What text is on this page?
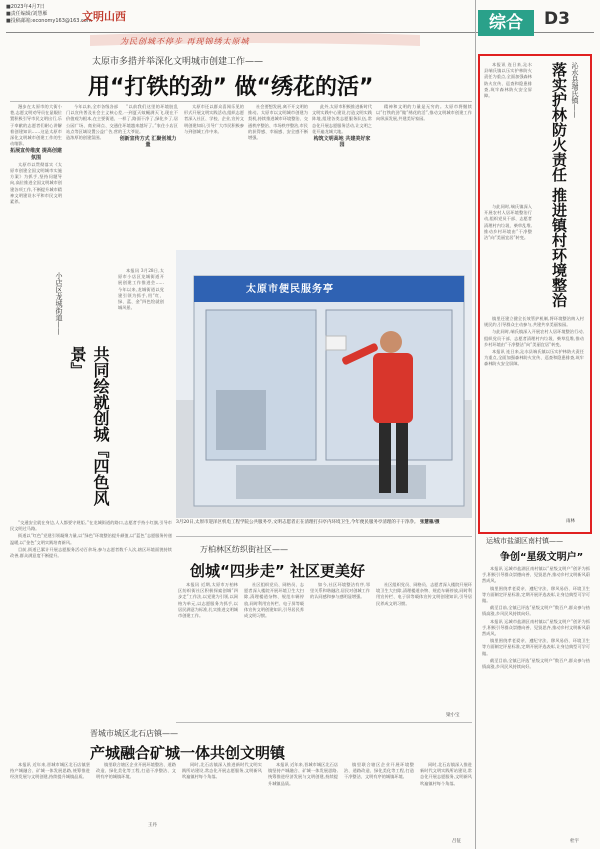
■2023年4月7日
■责任编辑/刘慧雁
■投稿邮箱:economy163@163.com
文明山西
为民创城不停步 再现锦绣太原城
综合	D3
太原市多措并举深化文明城市创建工作——
用“打铁的劲” 做“绣花的活”

漫步在太原市的大街小巷,志愿文明劝导员在显眼位置积极引导市民文明出行,乐于奉献的志愿者们耐心讲解着创建知识……这是太原市深化文明城市创建工作的生动缩影。

拓展宣传维度 提高创建氛围

太原市以贯彻落实《太原市创建全国文明城市实施方案》为抓手,坚持问题导向,高位推进全国文明城市创建各项工作,不断提升城市精神文明建设水平和市民文明素养。

今年以来,全市各级各部门以宣传普及社会主义核心价值观为根本,在主要街道、公园广场、商业网点、交通站点等区域设置公益广告,营造浓厚的创建氛围。

“以前我们这里的环境脏乱差,一到夏天蚊蝇满天飞,现在不一样了,路面干净了,绿化多了,居住环境越来越好了。”家住小店区的王大爷说。

创新宣传方式 汇聚创城力量

太原市还以群众喜闻乐见的形式开展文明实践活动,组织志愿者深入社区、学校、企业,宣传文明创建知识,引导广大市民积极参与到创城工作中来。

社会要想发展,离不开文明的推动。太原市以文明城市创建为契机,持续推进城市环境整治、交通秩序整治、市场秩序整治,市民的获得感、幸福感、安全感不断增强。

此外,太原市积极推进新时代文明实践中心建设,打造文明实践阵地,组建各类志愿服务队伍,常态化开展志愿服务活动,让文明之花开遍龙城大地。

构筑文明高地 共建美好家园

精神和文明的力量是无穷的。太原市将继续以“打铁的劲”做“绣花的活”,推动文明城市创建工作向纵深发展,共建美好家园。

小店区龙城街道——
共同绘就创城『四色风景』

本报讯 3月28日,太原市小店区龙城街道开展创建工作推进会……今年以来,龙城街道以党建引领为抓手,用“红、绿、蓝、金”四色绘就创城风景。

“交通安全就在身边,人人都要守规矩。”在龙城街道的路口,志愿者手持小红旗,引导市民文明过马路。

街道以“红色”党建引领凝聚力量,以“绿色”环境整治提升颜值,以“蓝色”志愿服务传递温暖,以“金色”文明实践培育新风。

目前,街道已累计开展志愿服务活动百余场,参与志愿者数千人次,辖区环境面貌持续改善,群众满意度不断提升。

王丹
太原市便民服务亭
3月20日,太原市迎泽区机电工程学院公共服务亭,文明志愿者正在清理打扫亭内环境卫生,今年便民服务亭清理的干干净净。 张慧雁/摄
万柏林区纺织街社区——
创城“四步走” 社区更美好

本报讯 近期,太原市万柏林区纺织街社区积极探索创城“四步走”工作法,以党建为引领,以网格为单元,以志愿服务为抓手,以居民满意为标准,扎实推进文明城市创建工作。

社区组织党员、网格员、志愿者深入楼院开展环境卫生大扫除,清理楼道杂物、规范车辆停放,同时利用宣传栏、电子屏等载体宣传文明创建知识,引导居民养成文明习惯。

如今,社区环境整洁有序,邻里关系和谐融洽,居民对创城工作的认同感和参与感明显增强。

社区组织党员、网格员、志愿者深入楼院开展环境卫生大扫除,清理楼道杂物、规范车辆停放,同时利用宣传栏、电子屏等载体宣传文明创建知识,引导居民养成文明习惯。

梁小宝
晋城市城区北石店镇——
产城融合矿城一体共创文明镇

本报讯 近年来,晋城市城区北石店镇坚持产城融合、矿城一体发展思路,统筹推进经济发展与文明创建,持续提升城镇品质。

镇里联合辖区企业开展环境整治、道路改造、绿化美化等工程,打造干净整洁、文明有序的城镇环境。

同时,北石店镇深入推进新时代文明实践所站建设,常态化开展志愿服务,文明新风吹遍镇村每个角落。

本报讯 近年来,晋城市城区北石店镇坚持产城融合、矿城一体发展思路,统筹推进经济发展与文明创建,持续提升城镇品质。

镇里联合辖区企业开展环境整治、道路改造、绿化美化等工程,打造干净整洁、文明有序的城镇环境。

同时,北石店镇深入推进新时代文明实践所站建设,常态化开展志愿服务,文明新风吹遍镇村每个角落。

吕征
沁水县端氏镇——
落实护林防火责任 推进镇村环境整治

本报讯 连日来,沁水县端氏镇以压实护林防火责任为重点,全面加强森林防火宣传、巡查和隐患排查,筑牢森林防火安全屏障。

与此同时,端氏镇深入开展农村人居环境整治行动,组织党员干部、志愿者清理村内垃圾、柴草乱堆,推动乡村环境由“干净整洁”向“美丽宜居”转变。

镇里还建立健全长效管护机制,将环境整治纳入村规民约,引导群众主动参与,共建共享美丽家园。

与此同时,端氏镇深入开展农村人居环境整治行动,组织党员干部、志愿者清理村内垃圾、柴草乱堆,推动乡村环境由“干净整洁”向“美丽宜居”转变。

本报讯 连日来,沁水县端氏镇以压实护林防火责任为重点,全面加强森林防火宣传、巡查和隐患排查,筑牢森林防火安全屏障。

雨林
运城市盐湖区南村镇——
争创“星级文明户”

本报讯 运城市盐湖区南村镇以“星级文明户”创评为抓手,积极引导群众崇德向善、见贤思齐,推动乡村文明新风蔚然成风。

镇里围绕孝老爱亲、遵纪守法、移风易俗、环境卫生等方面制定评星标准,定期开展评选表彰,让身边典型可学可做。

截至目前,全镇已评选“星级文明户”数百户,群众参与热情高涨,乡风民风持续向好。

本报讯 运城市盐湖区南村镇以“星级文明户”创评为抓手,积极引导群众崇德向善、见贤思齐,推动乡村文明新风蔚然成风。

镇里围绕孝老爱亲、遵纪守法、移风易俗、环境卫生等方面制定评星标准,定期开展评选表彰,让身边典型可学可做。

截至目前,全镇已评选“星级文明户”数百户,群众参与热情高涨,乡风民风持续向好。

杜宇
